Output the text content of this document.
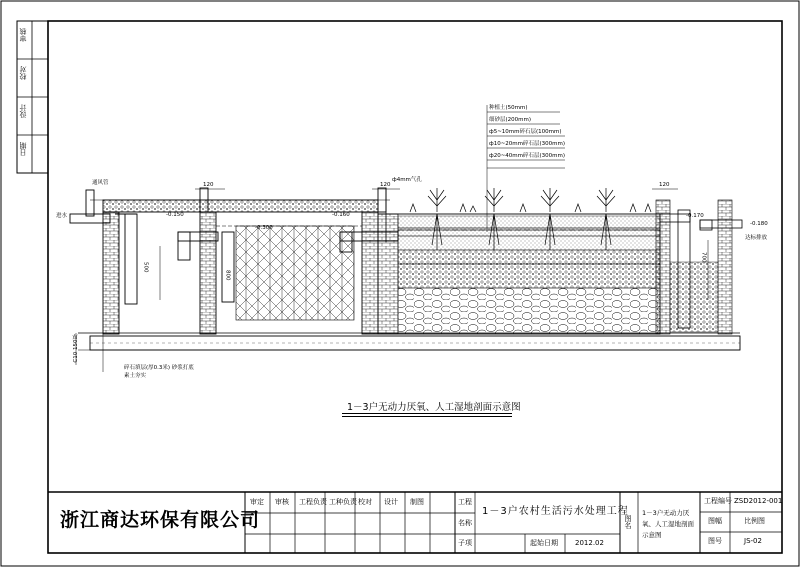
审核
校对
设计
日期
通风管
进水
达标排放
ф4mm气孔
120	120	120
-0.150	-0.160
-0.300
-0.170
-0.180
500
800
700
C10 150厚
碎石填层(厚0.3米) 砂浆打底
素土夯实
种植土(50mm)
细砂层(200mm)
ф5~10mm碎石层(100mm)
ф10~20mm碎石层(300mm)
ф20~40mm碎石层(300mm)
1－3户无动力厌氧、人工湿地剖面示意图
浙江商达环保有限公司
审定 审核 工程负责 工种负责 校对 设计 制图	工程
名称
子项
1－3户农村生活污水处理工程
起始日期 2012.02
图名
1－3户无动力厌氧、人工湿地剖面示意图
工程编号 ZSD2012-001
图幅	比例图
图号	JS-02
